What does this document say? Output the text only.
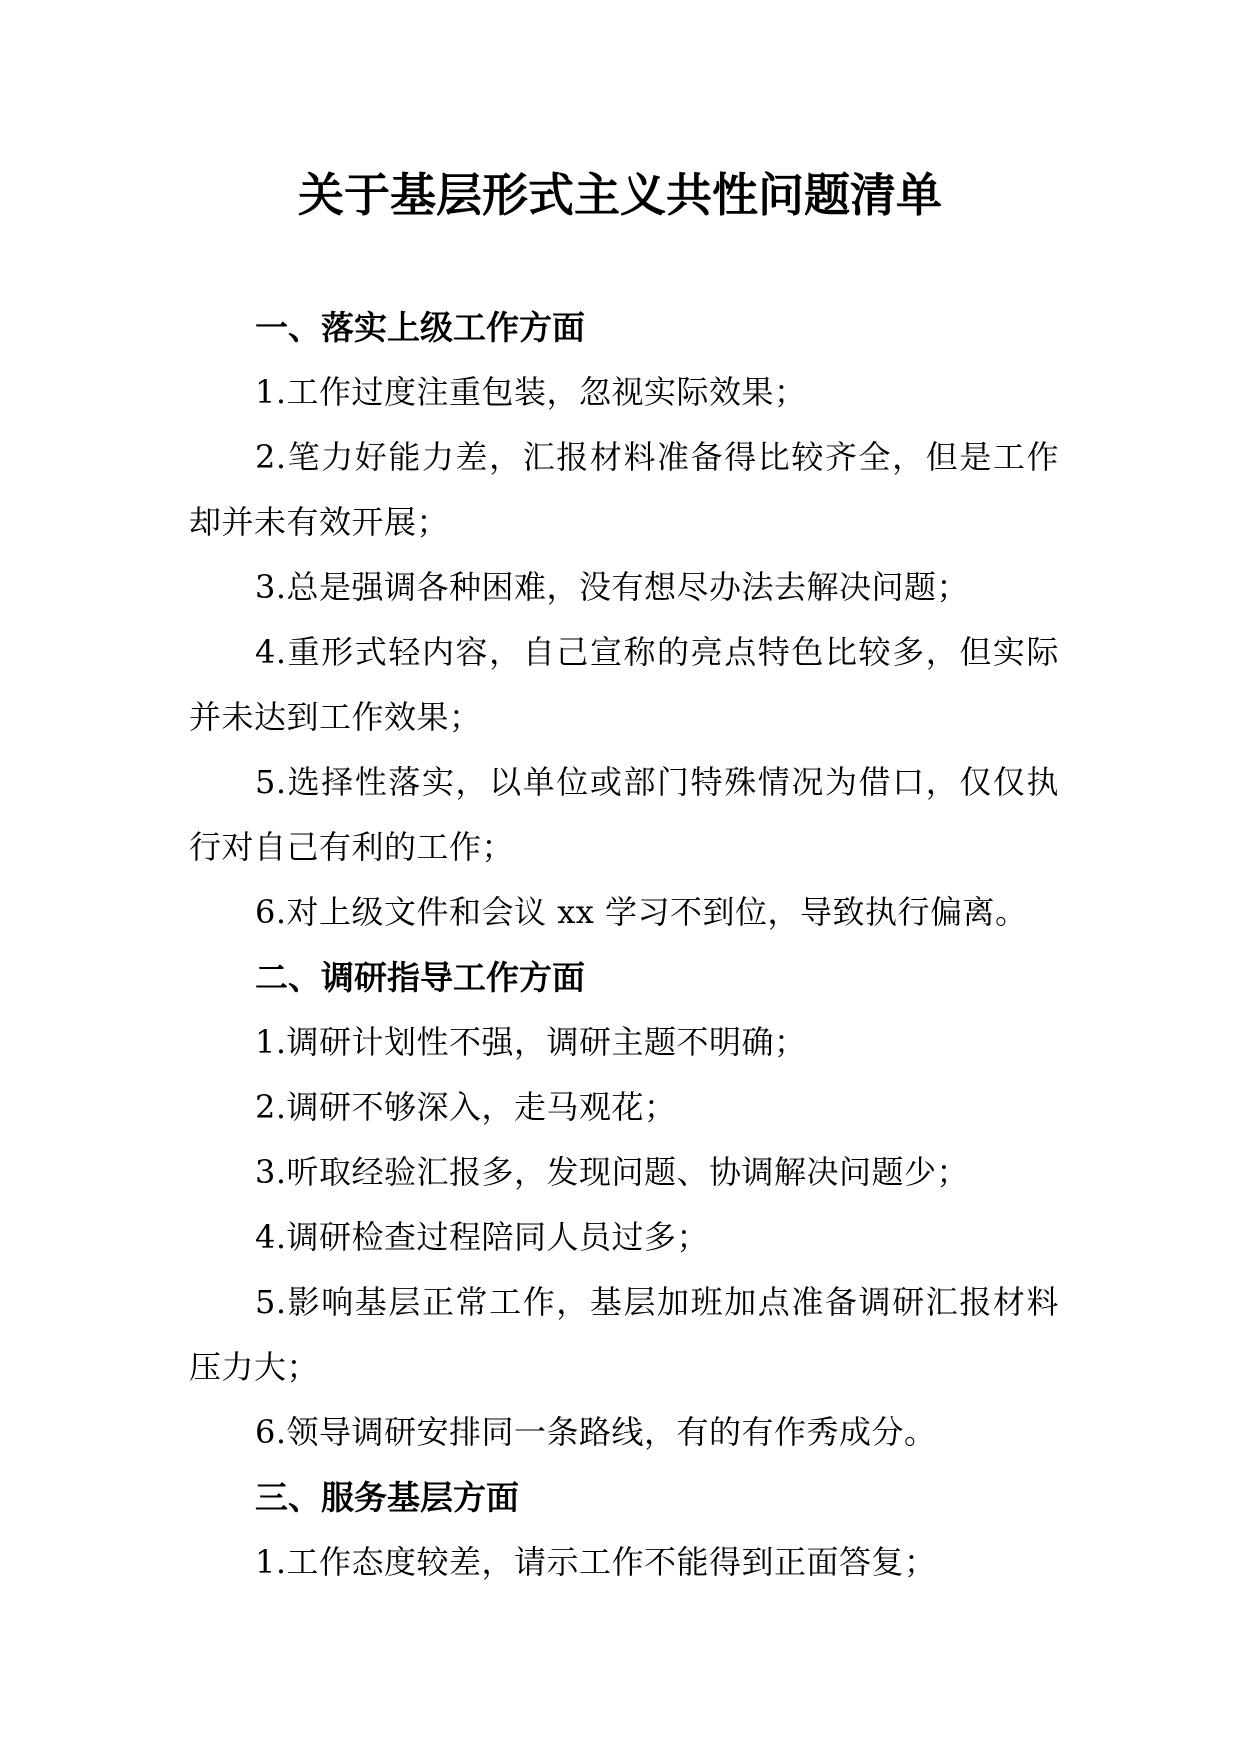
关于基层形式主义共性问题清单

一、落实上级工作方面

1.工作过度注重包装，忽视实际效果；

2.笔力好能力差，汇报材料准备得比较齐全，但是工作却并未有效开展；

3.总是强调各种困难，没有想尽办法去解决问题；

4.重形式轻内容，自己宣称的亮点特色比较多，但实际并未达到工作效果；

5.选择性落实，以单位或部门特殊情况为借口，仅仅执行对自己有利的工作；

6.对上级文件和会议 xx 学习不到位，导致执行偏离。

二、调研指导工作方面

1.调研计划性不强，调研主题不明确；

2.调研不够深入，走马观花；

3.听取经验汇报多，发现问题、协调解决问题少；

4.调研检查过程陪同人员过多；

5.影响基层正常工作，基层加班加点准备调研汇报材料压力大；

6.领导调研安排同一条路线，有的有作秀成分。

三、服务基层方面

1.工作态度较差，请示工作不能得到正面答复；
